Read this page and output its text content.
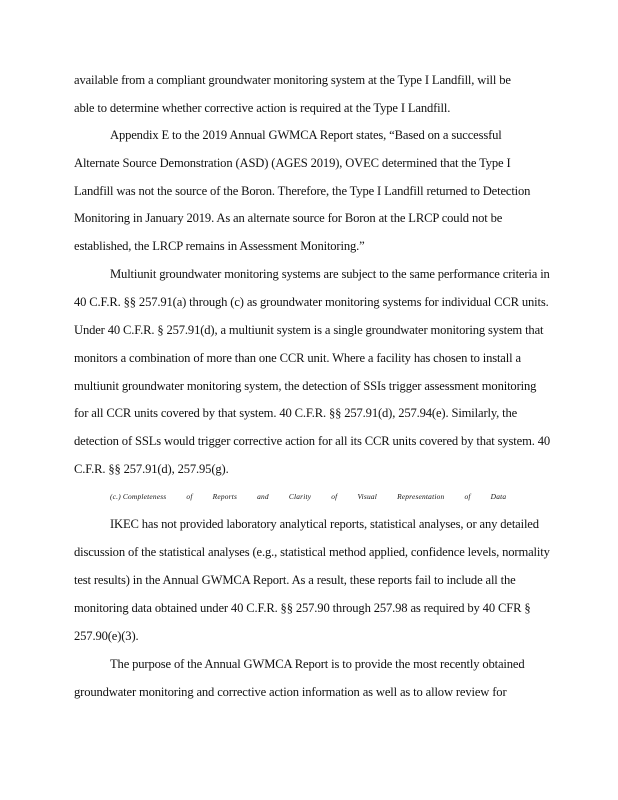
available from a compliant groundwater monitoring system at the Type I Landfill, will be
able to determine whether corrective action is required at the Type I Landfill.
Appendix E to the 2019 Annual GWMCA Report states, “Based on a successful
Alternate Source Demonstration (ASD) (AGES 2019), OVEC determined that the Type I
Landfill was not the source of the Boron. Therefore, the Type I Landfill returned to Detection
Monitoring in January 2019. As an alternate source for Boron at the LRCP could not be
established, the LRCP remains in Assessment Monitoring.”
Multiunit groundwater monitoring systems are subject to the same performance criteria in
40 C.F.R. §§ 257.91(a) through (c) as groundwater monitoring systems for individual CCR units.
Under 40 C.F.R. § 257.91(d), a multiunit system is a single groundwater monitoring system that
monitors a combination of more than one CCR unit. Where a facility has chosen to install a
multiunit groundwater monitoring system, the detection of SSIs trigger assessment monitoring
for all CCR units covered by that system. 40 C.F.R. §§ 257.91(d), 257.94(e). Similarly, the
detection of SSLs would trigger corrective action for all its CCR units covered by that system. 40
C.F.R. §§ 257.91(d), 257.95(g).
(c.) Completeness	of	Reports	and	Clarity	of	Visual	Representation	of	Data
IKEC has not provided laboratory analytical reports, statistical analyses, or any detailed
discussion of the statistical analyses (e.g., statistical method applied, confidence levels, normality
test results) in the Annual GWMCA Report. As a result, these reports fail to include all the
monitoring data obtained under 40 C.F.R. §§ 257.90 through 257.98 as required by 40 CFR §
257.90(e)(3).
The purpose of the Annual GWMCA Report is to provide the most recently obtained
groundwater monitoring and corrective action information as well as to allow review for
